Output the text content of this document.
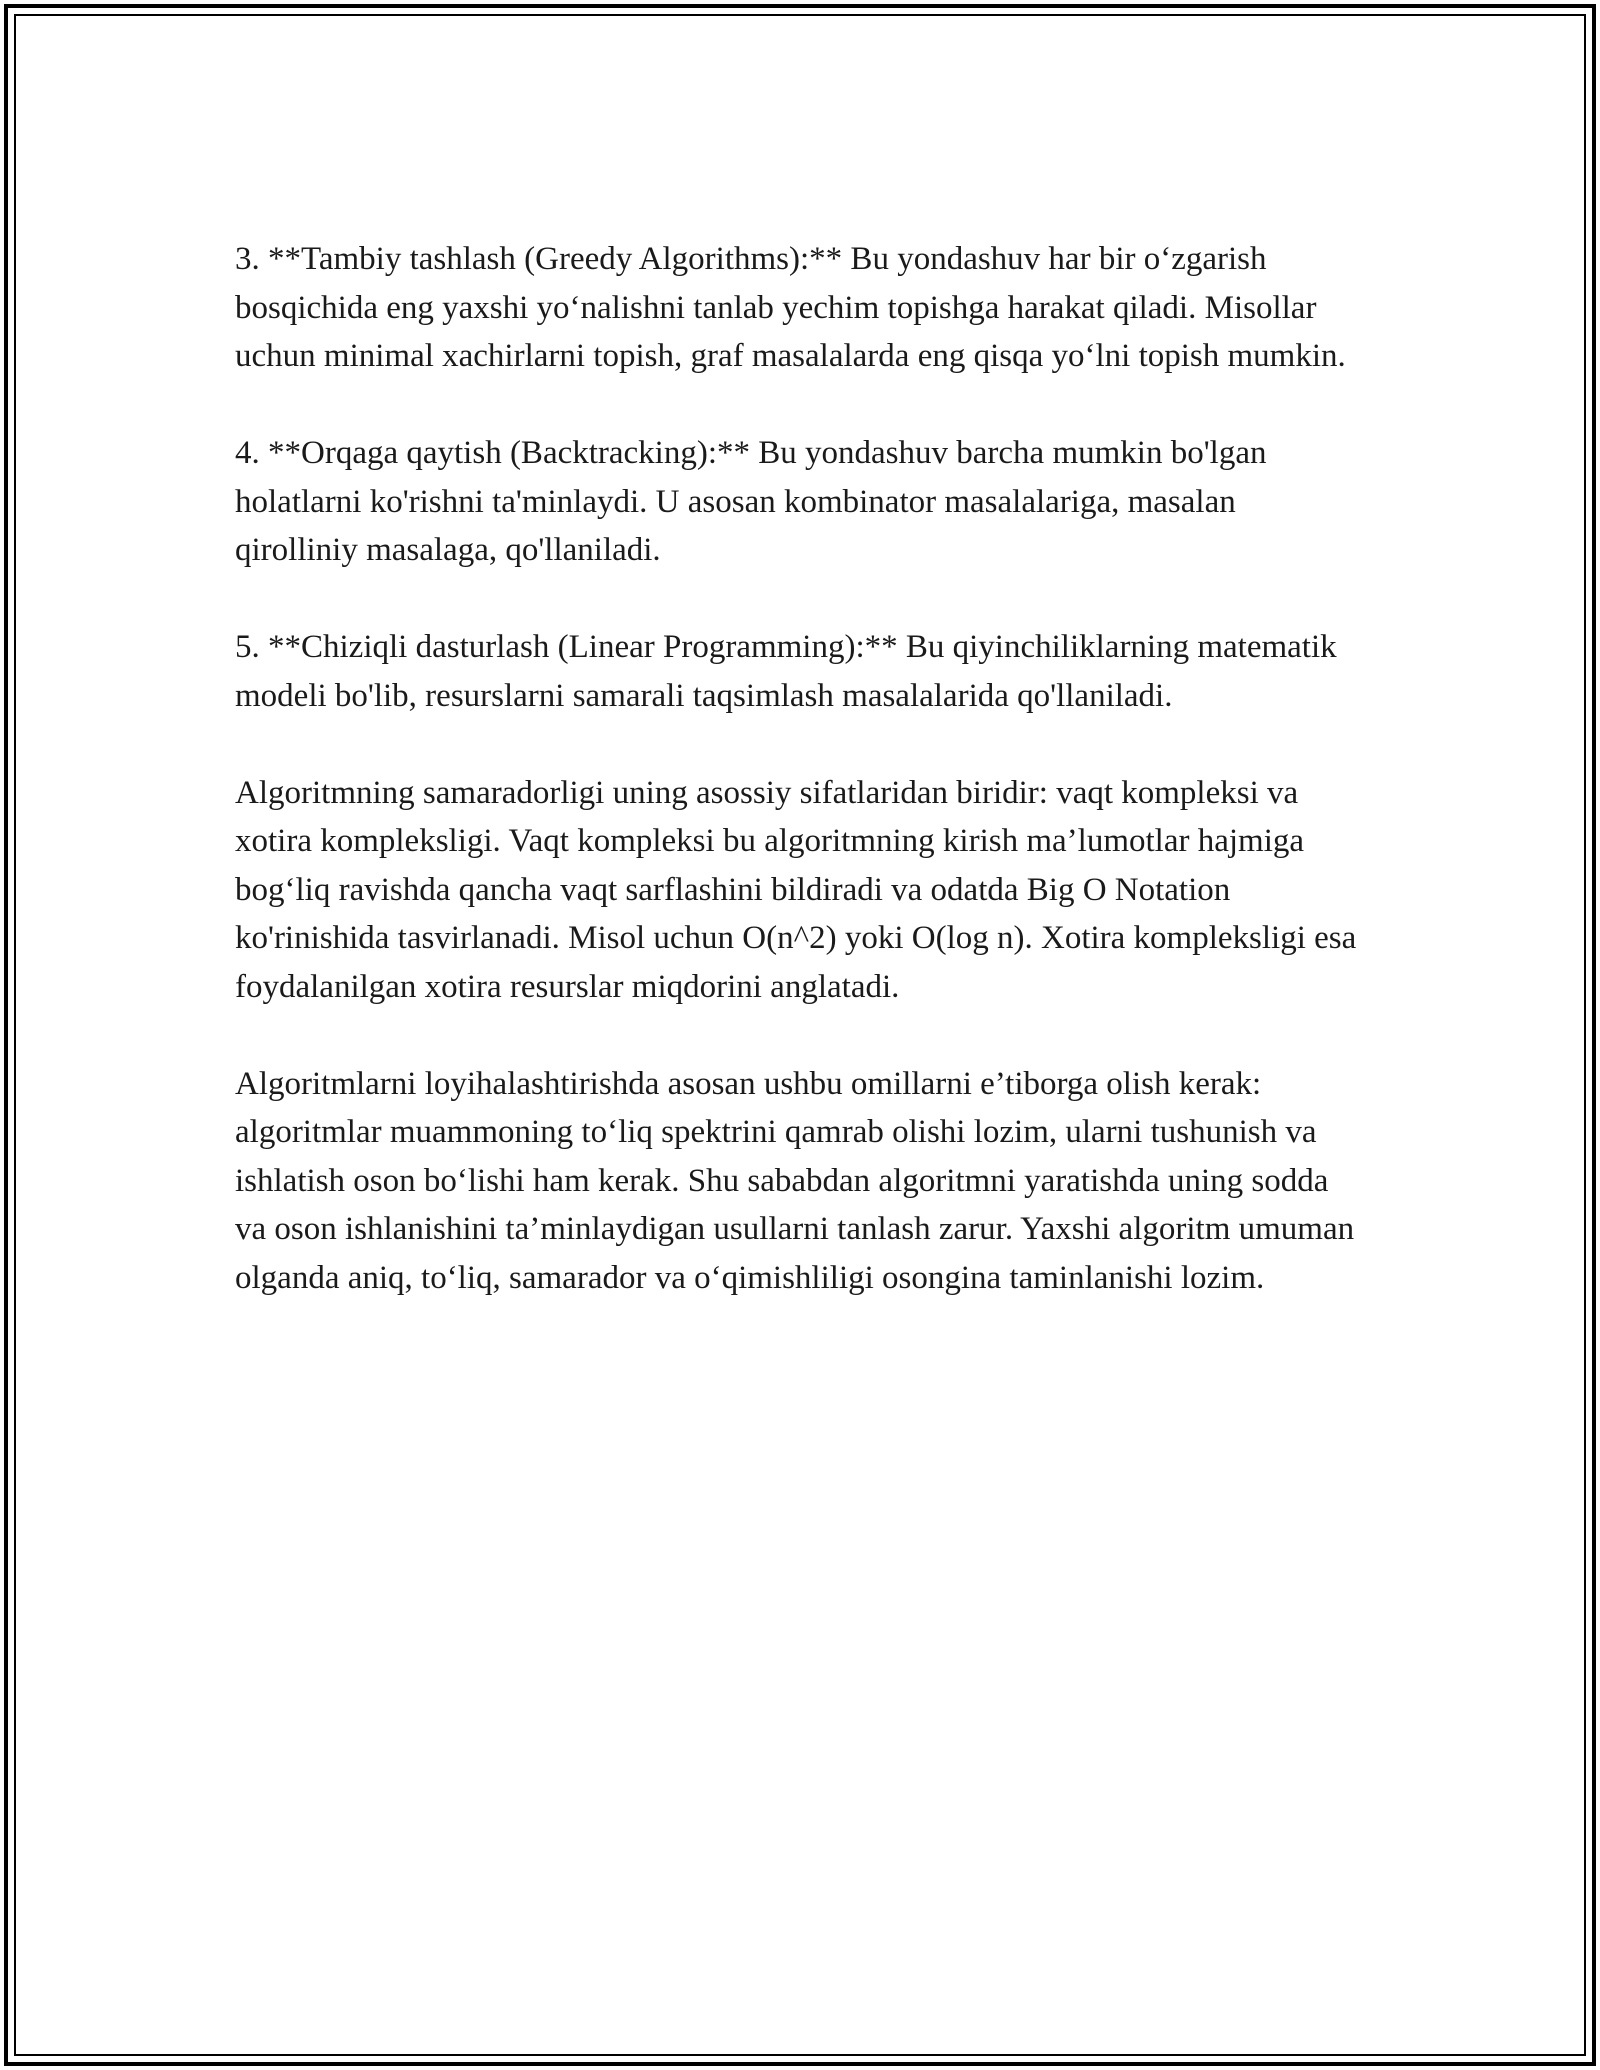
3. **Tambiy tashlash (Greedy Algorithms):** Bu yondashuv har bir o‘zgarish bosqichida eng yaxshi yo‘nalishni tanlab yechim topishga harakat qiladi. Misollar uchun minimal xachirlarni topish, graf masalalarda eng qisqa yo‘lni topish mumkin.

4. **Orqaga qaytish (Backtracking):** Bu yondashuv barcha mumkin bo'lgan holatlarni ko'rishni ta'minlaydi. U asosan kombinator masalalariga, masalan qirolliniy masalaga, qo'llaniladi.

5. **Chiziqli dasturlash (Linear Programming):** Bu qiyinchiliklarning matematik modeli bo'lib, resurslarni samarali taqsimlash masalalarida qo'llaniladi.

Algoritmning samaradorligi uning asossiy sifatlaridan biridir: vaqt kompleksi va xotira kompleksligi. Vaqt kompleksi bu algoritmning kirish ma’lumotlar hajmiga bog‘liq ravishda qancha vaqt sarflashini bildiradi va odatda Big O Notation ko'rinishida tasvirlanadi. Misol uchun O(n^2) yoki O(log n). Xotira kompleksligi esa foydalanilgan xotira resurslar miqdorini anglatadi.

Algoritmlarni loyihalashtirishda asosan ushbu omillarni e’tiborga olish kerak: algoritmlar muammoning to‘liq spektrini qamrab olishi lozim, ularni tushunish va ishlatish oson bo‘lishi ham kerak. Shu sababdan algoritmni yaratishda uning sodda va oson ishlanishini ta’minlaydigan usullarni tanlash zarur. Yaxshi algoritm umuman olganda aniq, to‘liq, samarador va o‘qimishliligi osongina taminlanishi lozim.
